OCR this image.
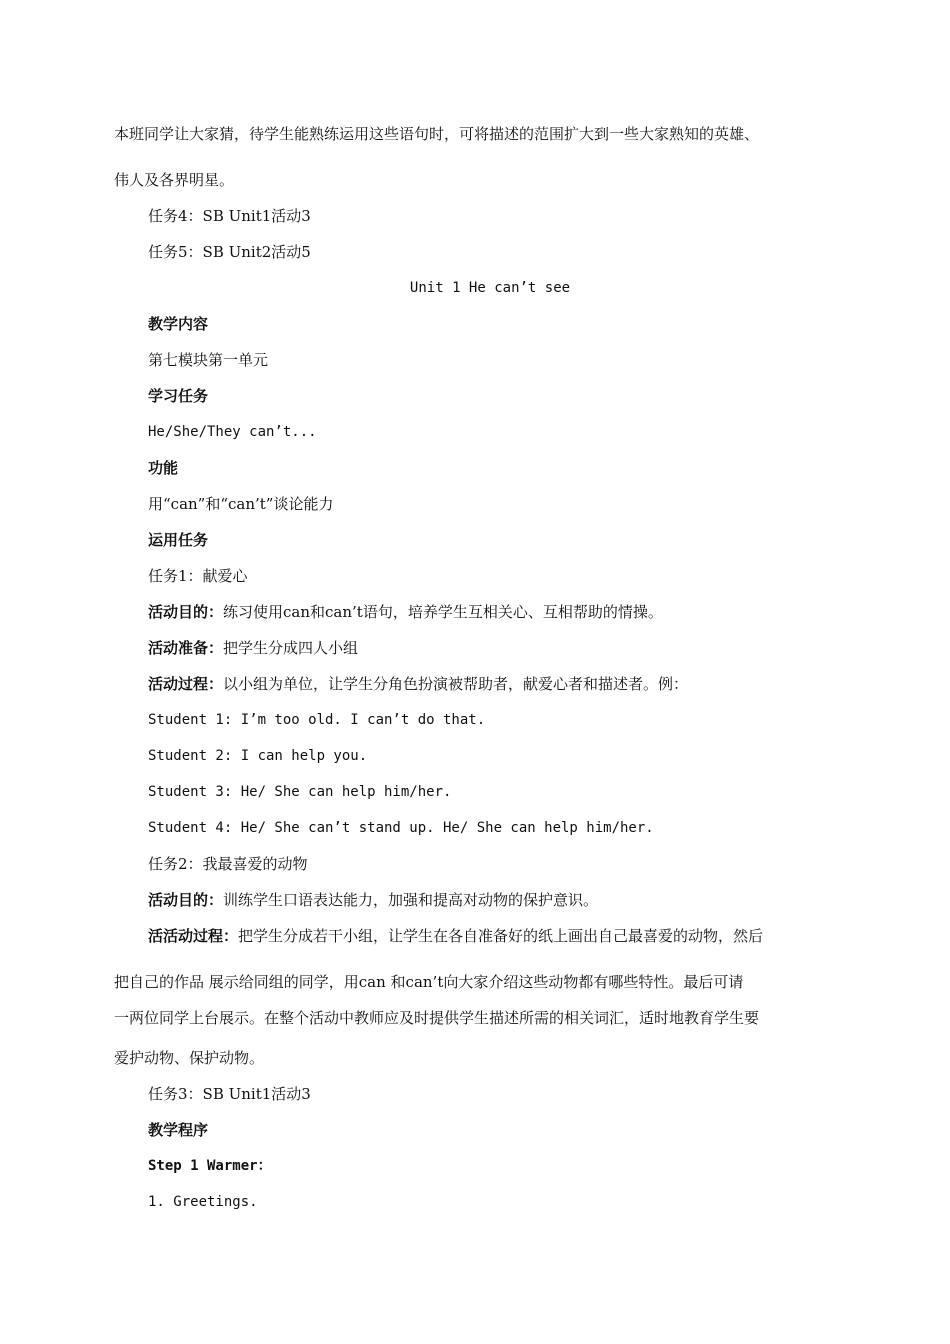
本班同学让大家猜，待学生能熟练运用这些语句时，可将描述的范围扩大到一些大家熟知的英雄、
伟人及各界明星。
任务4：SB Unit1活动3
任务5：SB Unit2活动5
Unit 1 He can’t see
教学内容
第七模块第一单元
学习任务
He/She/They can’t...
功能
用“can”和“can’t”谈论能力
运用任务
任务1：献爱心
活动目的：练习使用can和can’t语句，培养学生互相关心、互相帮助的情操。
活动准备：把学生分成四人小组
活动过程：以小组为单位，让学生分角色扮演被帮助者，献爱心者和描述者。例：
Student 1: I’m too old. I can’t do that.
Student 2: I can help you.
Student 3: He/ She can help him/her.
Student 4: He/ She can’t stand up. He/ She can help him/her.
任务2：我最喜爱的动物
活动目的：训练学生口语表达能力，加强和提高对动物的保护意识。
活活动过程：把学生分成若干小组，让学生在各自准备好的纸上画出自己最喜爱的动物，然后
把自己的作品 展示给同组的同学，用can 和can’t向大家介绍这些动物都有哪些特性。最后可请
一两位同学上台展示。在整个活动中教师应及时提供学生描述所需的相关词汇，适时地教育学生要
爱护动物、保护动物。
任务3：SB Unit1活动3
教学程序
Step 1 Warmer：
1. Greetings.
